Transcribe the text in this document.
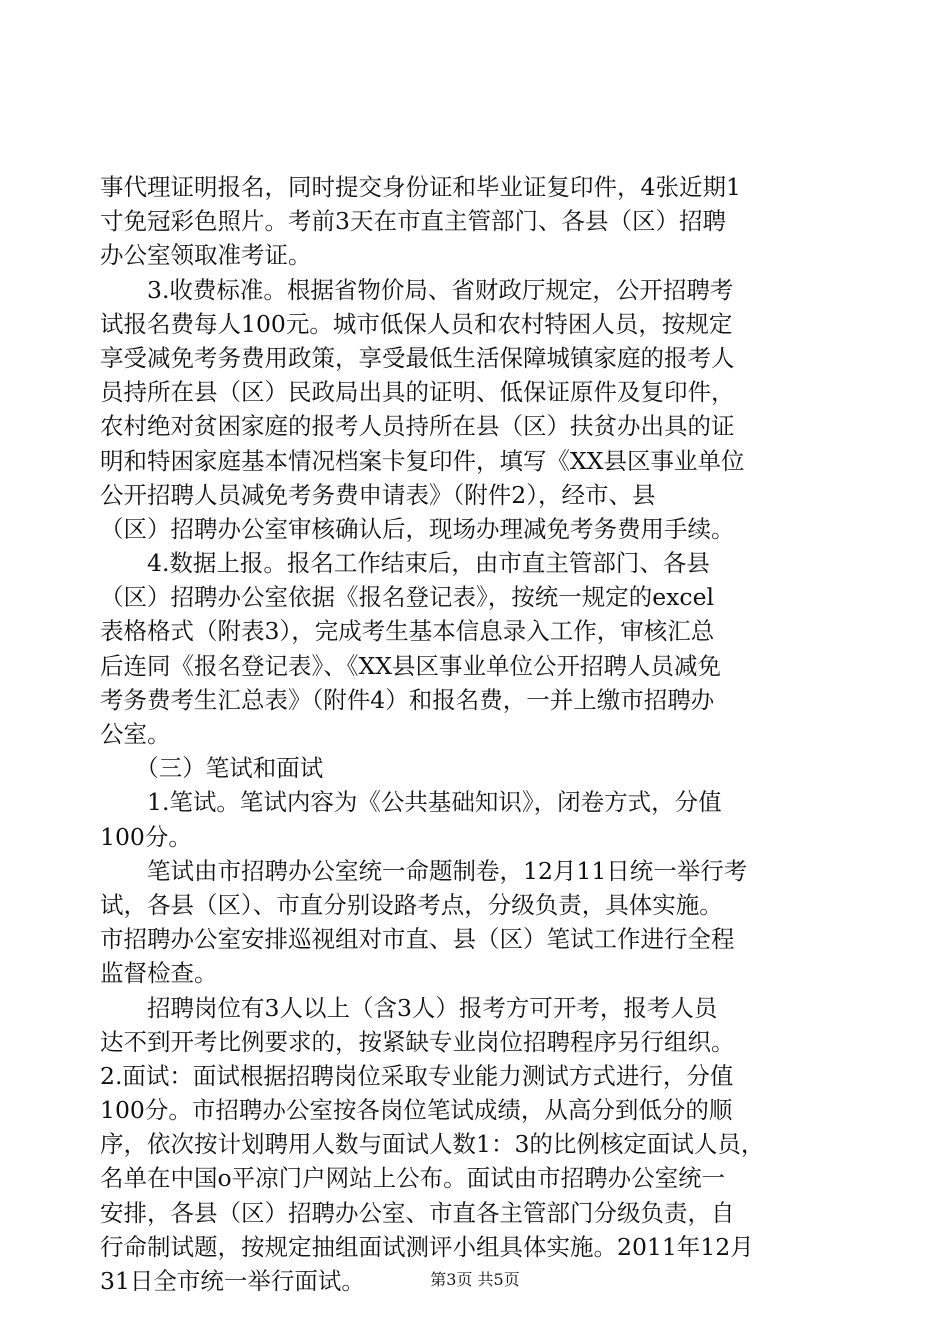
事代理证明报名，同时提交身份证和毕业证复印件，4张近期1
寸免冠彩色照片。考前3天在市直主管部门、各县（区）招聘
办公室领取准考证。
　　3.收费标准。根据省物价局、省财政厅规定，公开招聘考
试报名费每人100元。城市低保人员和农村特困人员，按规定
享受减免考务费用政策，享受最低生活保障城镇家庭的报考人
员持所在县（区）民政局出具的证明、低保证原件及复印件，
农村绝对贫困家庭的报考人员持所在县（区）扶贫办出具的证
明和特困家庭基本情况档案卡复印件，填写《XX县区事业单位
公开招聘人员减免考务费申请表》（附件2），经市、县
（区）招聘办公室审核确认后，现场办理减免考务费用手续。
　　4.数据上报。报名工作结束后，由市直主管部门、各县
（区）招聘办公室依据《报名登记表》，按统一规定的excel
表格格式（附表3），完成考生基本信息录入工作，审核汇总
后连同《报名登记表》、《XX县区事业单位公开招聘人员减免
考务费考生汇总表》（附件4）和报名费，一并上缴市招聘办
公室。
　　（三）笔试和面试
　　1.笔试。笔试内容为《公共基础知识》，闭卷方式，分值
100分。
　　笔试由市招聘办公室统一命题制卷，12月11日统一举行考
试，各县（区）、市直分别设路考点，分级负责，具体实施。
市招聘办公室安排巡视组对市直、县（区）笔试工作进行全程
监督检查。
　　招聘岗位有3人以上（含3人）报考方可开考，报考人员
达不到开考比例要求的，按紧缺专业岗位招聘程序另行组织。
2.面试：面试根据招聘岗位采取专业能力测试方式进行，分值
100分。市招聘办公室按各岗位笔试成绩，从高分到低分的顺
序，依次按计划聘用人数与面试人数1：3的比例核定面试人员，
名单在中国o平凉门户网站上公布。面试由市招聘办公室统一
安排，各县（区）招聘办公室、市直各主管部门分级负责，自
行命制试题，按规定抽组面试测评小组具体实施。2011年12月
31日全市统一举行面试。	第3页 共5页
